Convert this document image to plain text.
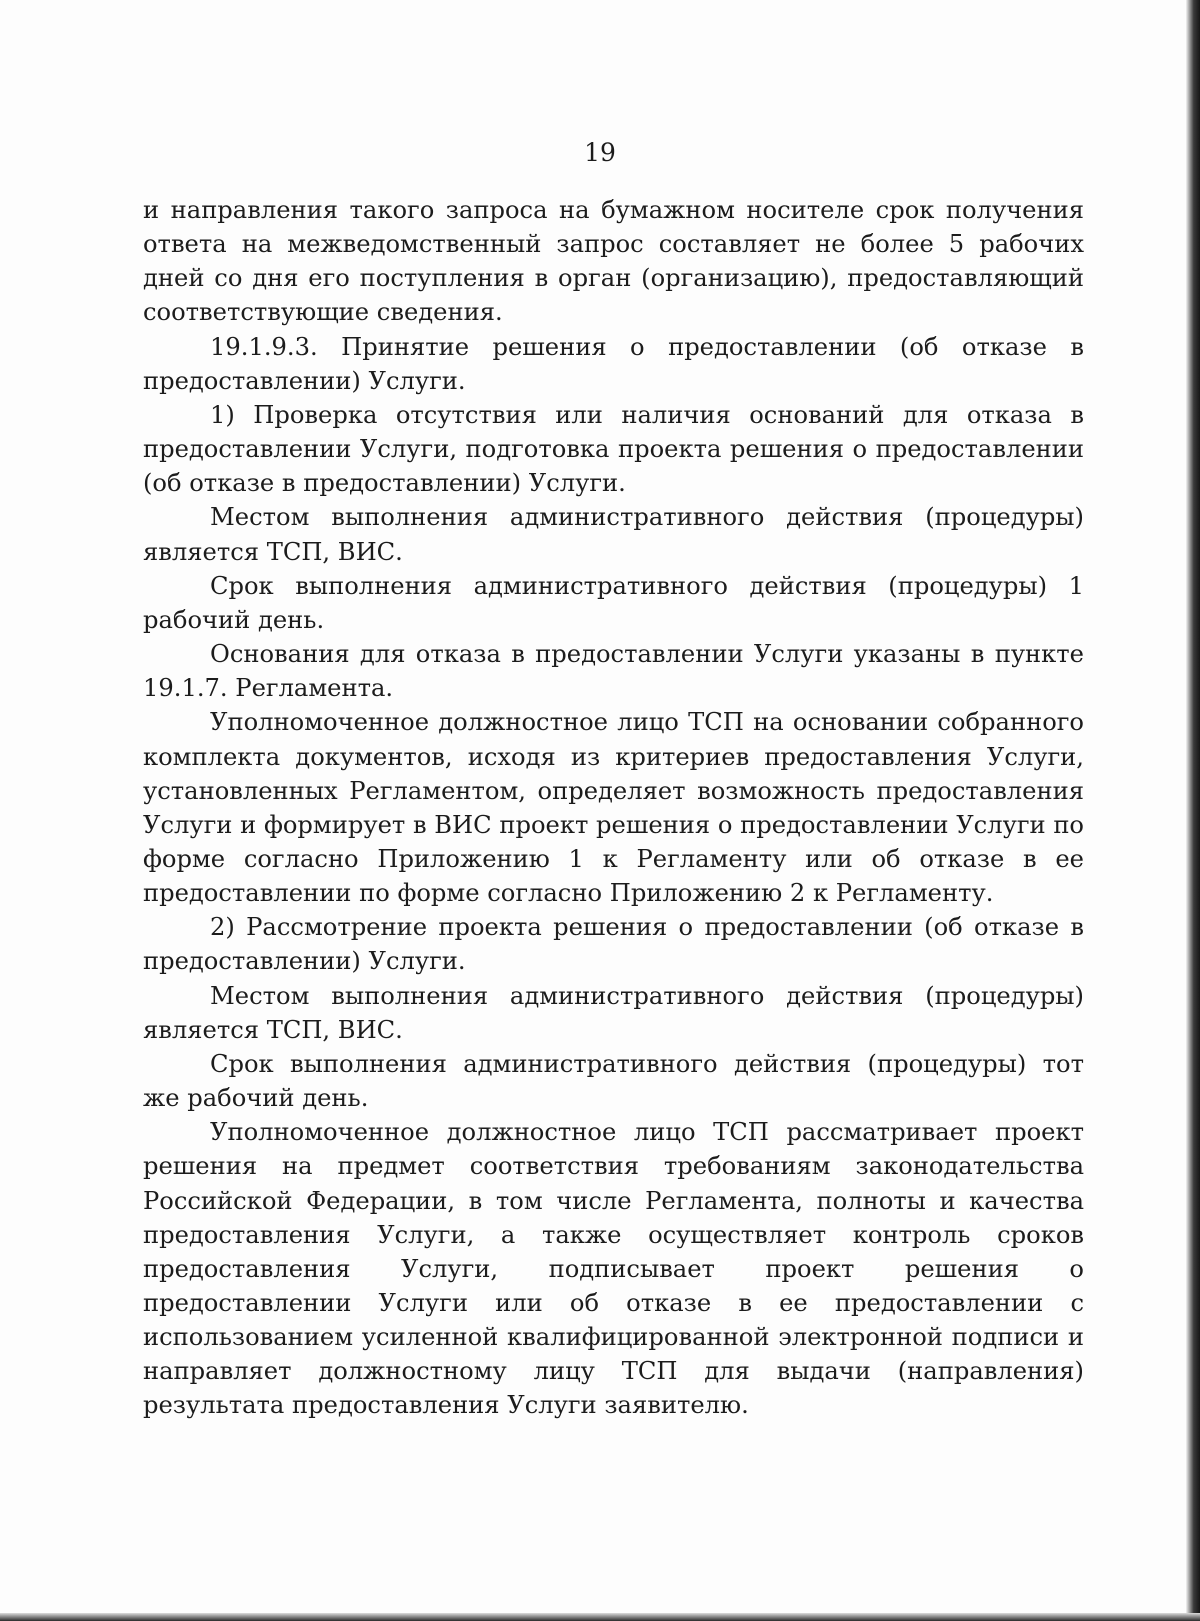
19

и направления такого запроса на бумажном носителе срок получения ответа на межведомственный запрос составляет не более 5 рабочих дней со дня его поступления в орган (организацию), предоставляющий соответствующие сведения.

19.1.9.3. Принятие решения о предоставлении (об отказе в предоставлении) Услуги.

1) Проверка отсутствия или наличия оснований для отказа в предоставлении Услуги, подготовка проекта решения о предоставлении (об отказе в предоставлении) Услуги.

Местом выполнения административного действия (процедуры) является ТСП, ВИС.

Срок выполнения административного действия (процедуры) 1 рабочий день.

Основания для отказа в предоставлении Услуги указаны в пункте 19.1.7. Регламента.

Уполномоченное должностное лицо ТСП на основании собранного комплекта документов, исходя из критериев предоставления Услуги, установленных Регламентом, определяет возможность предоставления Услуги и формирует в ВИС проект решения о предоставлении Услуги по форме согласно Приложению 1 к Регламенту или об отказе в ее предоставлении по форме согласно Приложению 2 к Регламенту.

2) Рассмотрение проекта решения о предоставлении (об отказе в предоставлении) Услуги.

Местом выполнения административного действия (процедуры) является ТСП, ВИС.

Срок выполнения административного действия (процедуры) тот же рабочий день.

Уполномоченное должностное лицо ТСП рассматривает проект решения на предмет соответствия требованиям законодательства Российской Федерации, в том числе Регламента, полноты и качества предоставления Услуги, а также осуществляет контроль сроков предоставления Услуги, подписывает проект решения о предоставлении Услуги или об отказе в ее предоставлении с использованием усиленной квалифицированной электронной подписи и направляет должностному лицу ТСП для выдачи (направления) результата предоставления Услуги заявителю.
